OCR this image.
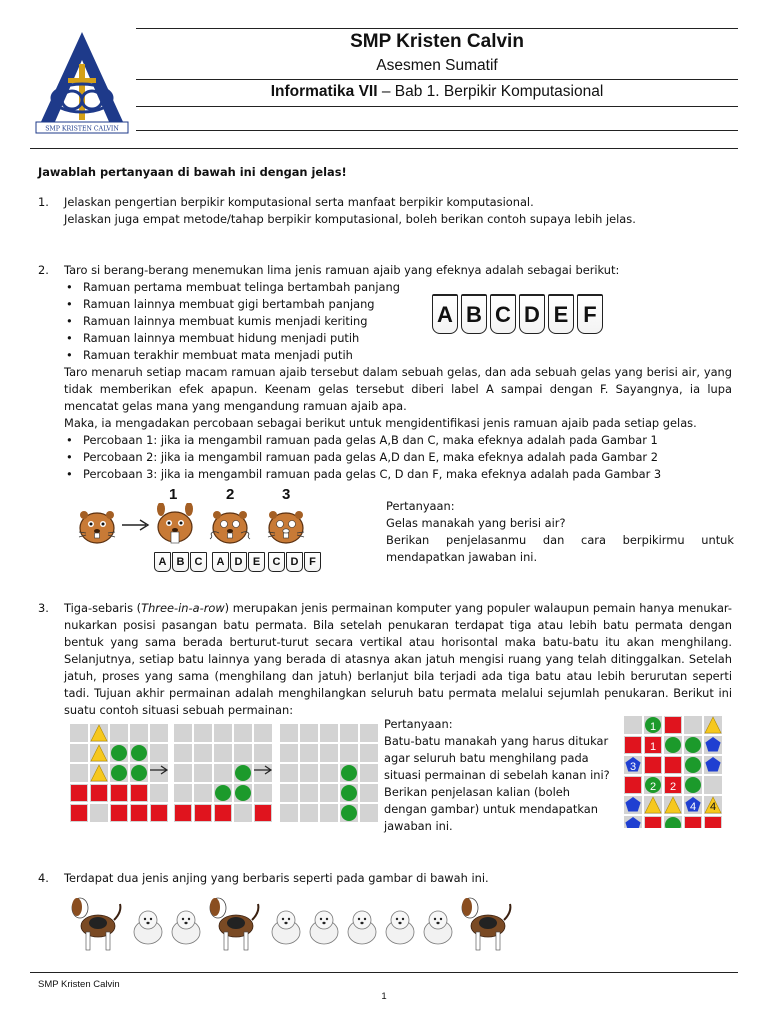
SMP KRISTEN CALVIN
SMP Kristen Calvin
Asesmen Sumatif
Informatika VII – Bab 1. Berpikir Komputasional
Jawablah pertanyaan di bawah ini dengan jelas!
1.	Jelaskan pengertian berpikir komputasional serta manfaat berpikir komputasional.
Jelaskan juga empat metode/tahap berpikir komputasional, boleh berikan contoh supaya lebih jelas.
2.	Taro si berang-berang menemukan lima jenis ramuan ajaib yang efeknya adalah sebagai berikut:
Ramuan pertama membuat telinga bertambah panjang
Ramuan lainnya membuat gigi bertambah panjang
Ramuan lainnya membuat kumis menjadi keriting
Ramuan lainnya membuat hidung menjadi putih
Ramuan terakhir membuat mata menjadi putih
A B C D E F

Taro menaruh setiap macam ramuan ajaib tersebut dalam sebuah gelas, dan ada sebuah gelas yang berisi air, yang tidak memberikan efek apapun. Keenam gelas tersebut diberi label A sampai dengan F. Sayangnya, ia lupa mencatat gelas mana yang mengandung ramuan ajaib apa.

Maka, ia mengadakan percobaan sebagai berikut untuk mengidentifikasi jenis ramuan ajaib pada setiap gelas.
Percobaan 1: jika ia mengambil ramuan pada gelas A,B dan C, maka efeknya adalah pada Gambar 1
Percobaan 2: jika ia mengambil ramuan pada gelas A,D dan E, maka efeknya adalah pada Gambar 2
Percobaan 3: jika ia mengambil ramuan pada gelas C, D dan F, maka efeknya adalah pada Gambar 3
1	2	3
A B C	A D E	C D F
Pertanyaan:
Gelas manakah yang berisi air?

Berikan penjelasanmu dan cara berpikirmu untuk mendapatkan jawaban ini.

3.	Tiga-sebaris (Three-in-a-row) merupakan jenis permainan komputer yang populer walaupun pemain hanya menukar-nukarkan posisi pasangan batu permata. Bila setelah penukaran terdapat tiga atau lebih batu permata dengan bentuk yang sama berada berturut-turut secara vertikal atau horisontal maka batu-batu itu akan menghilang. Selanjutnya, setiap batu lainnya yang berada di atasnya akan jatuh mengisi ruang yang telah ditinggalkan. Setelah jatuh, proses yang sama (menghilang dan jatuh) berlanjut bila terjadi ada tiga batu atau lebih berurutan seperti tadi. Tujuan akhir permainan adalah menghilangkan seluruh batu permata melalui sejumlah penukaran. Berikut ini suatu contoh situasi sebuah permainan:

Pertanyaan:
Batu-batu manakah yang harus ditukar
agar seluruh batu menghilang pada
situasi permainan di sebelah kanan ini?
Berikan penjelasan kalian (boleh
dengan gambar) untuk mendapatkan
jawaban ini.
1
1
3
2 2
4 4
4.	Terdapat dua jenis anjing yang berbaris seperti pada gambar di bawah ini.
SMP Kristen Calvin
1
